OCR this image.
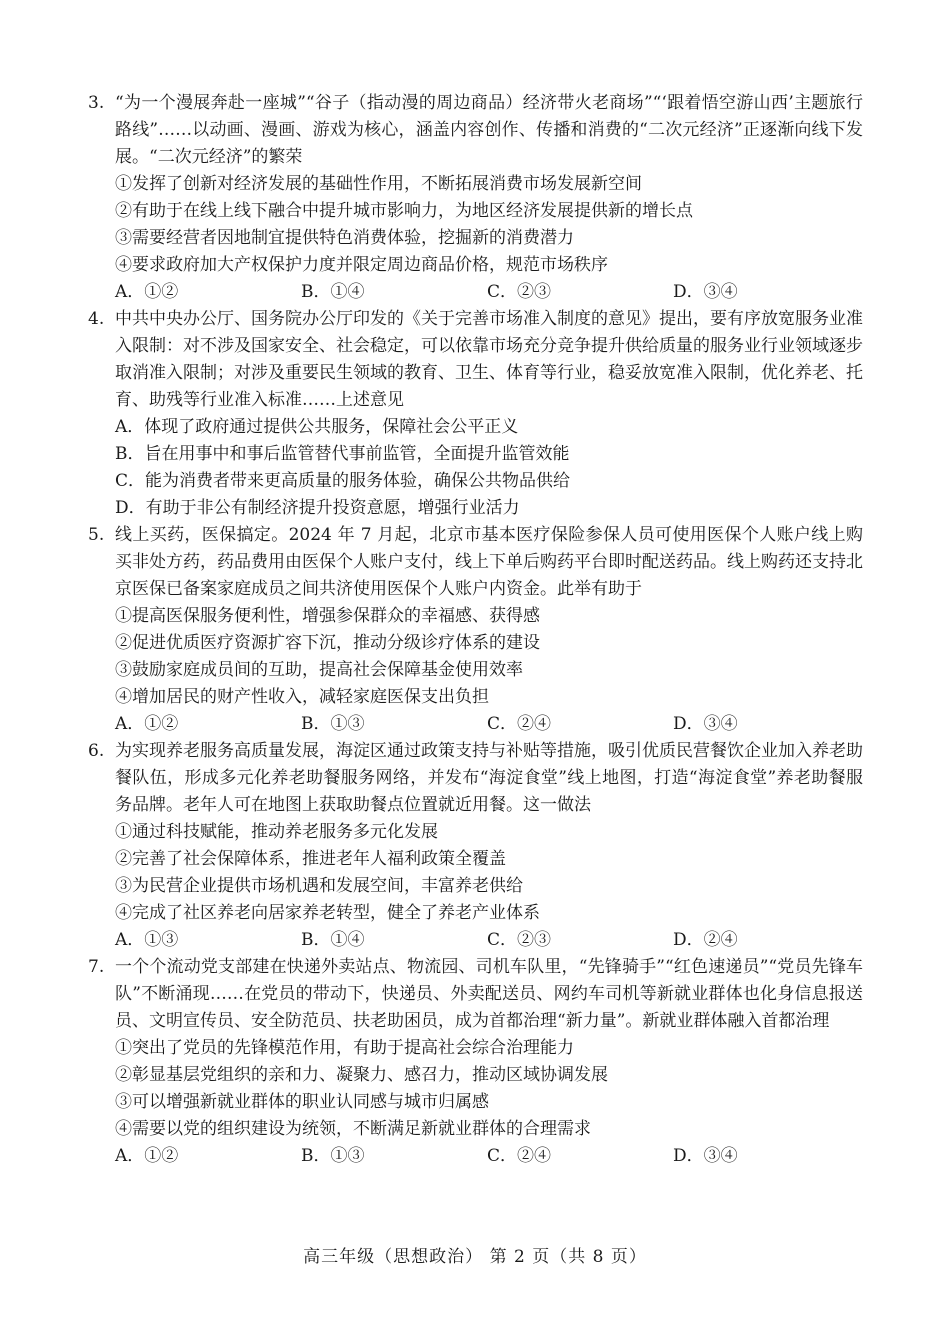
3. “为一个漫展奔赴一座城”“谷子（指动漫的周边商品）经济带火老商场”“‘跟着悟空游山西’主题旅行路线”……以动画、漫画、游戏为核心，涵盖内容创作、传播和消费的“二次元经济”正逐渐向线下发展。“二次元经济”的繁荣
①发挥了创新对经济发展的基础性作用，不断拓展消费市场发展新空间
②有助于在线上线下融合中提升城市影响力，为地区经济发展提供新的增长点
③需要经营者因地制宜提供特色消费体验，挖掘新的消费潜力
④要求政府加大产权保护力度并限定周边商品价格，规范市场秩序
A．①②	B．①④	C．②③	D．③④
4. 中共中央办公厅、国务院办公厅印发的《关于完善市场准入制度的意见》提出，要有序放宽服务业准入限制：对不涉及国家安全、社会稳定，可以依靠市场充分竞争提升供给质量的服务业行业领域逐步取消准入限制；对涉及重要民生领域的教育、卫生、体育等行业，稳妥放宽准入限制，优化养老、托育、助残等行业准入标准……上述意见
A．体现了政府通过提供公共服务，保障社会公平正义
B．旨在用事中和事后监管替代事前监管，全面提升监管效能
C．能为消费者带来更高质量的服务体验，确保公共物品供给
D．有助于非公有制经济提升投资意愿，增强行业活力
5. 线上买药，医保搞定。2024 年 7 月起，北京市基本医疗保险参保人员可使用医保个人账户线上购买非处方药，药品费用由医保个人账户支付，线上下单后购药平台即时配送药品。线上购药还支持北京医保已备案家庭成员之间共济使用医保个人账户内资金。此举有助于
①提高医保服务便利性，增强参保群众的幸福感、获得感
②促进优质医疗资源扩容下沉，推动分级诊疗体系的建设
③鼓励家庭成员间的互助，提高社会保障基金使用效率
④增加居民的财产性收入，减轻家庭医保支出负担
A．①②	B．①③	C．②④	D．③④
6. 为实现养老服务高质量发展，海淀区通过政策支持与补贴等措施，吸引优质民营餐饮企业加入养老助餐队伍，形成多元化养老助餐服务网络，并发布“海淀食堂”线上地图，打造“海淀食堂”养老助餐服务品牌。老年人可在地图上获取助餐点位置就近用餐。这一做法
①通过科技赋能，推动养老服务多元化发展
②完善了社会保障体系，推进老年人福利政策全覆盖
③为民营企业提供市场机遇和发展空间，丰富养老供给
④完成了社区养老向居家养老转型，健全了养老产业体系
A．①③	B．①④	C．②③	D．②④
7. 一个个流动党支部建在快递外卖站点、物流园、司机车队里，“先锋骑手”“红色速递员”“党员先锋车队”不断涌现……在党员的带动下，快递员、外卖配送员、网约车司机等新就业群体也化身信息报送员、文明宣传员、安全防范员、扶老助困员，成为首都治理“新力量”。新就业群体融入首都治理
①突出了党员的先锋模范作用，有助于提高社会综合治理能力
②彰显基层党组织的亲和力、凝聚力、感召力，推动区域协调发展
③可以增强新就业群体的职业认同感与城市归属感
④需要以党的组织建设为统领，不断满足新就业群体的合理需求
A．①②	B．①③	C．②④	D．③④
高三年级（思想政治） 第 2 页（共 8 页）
